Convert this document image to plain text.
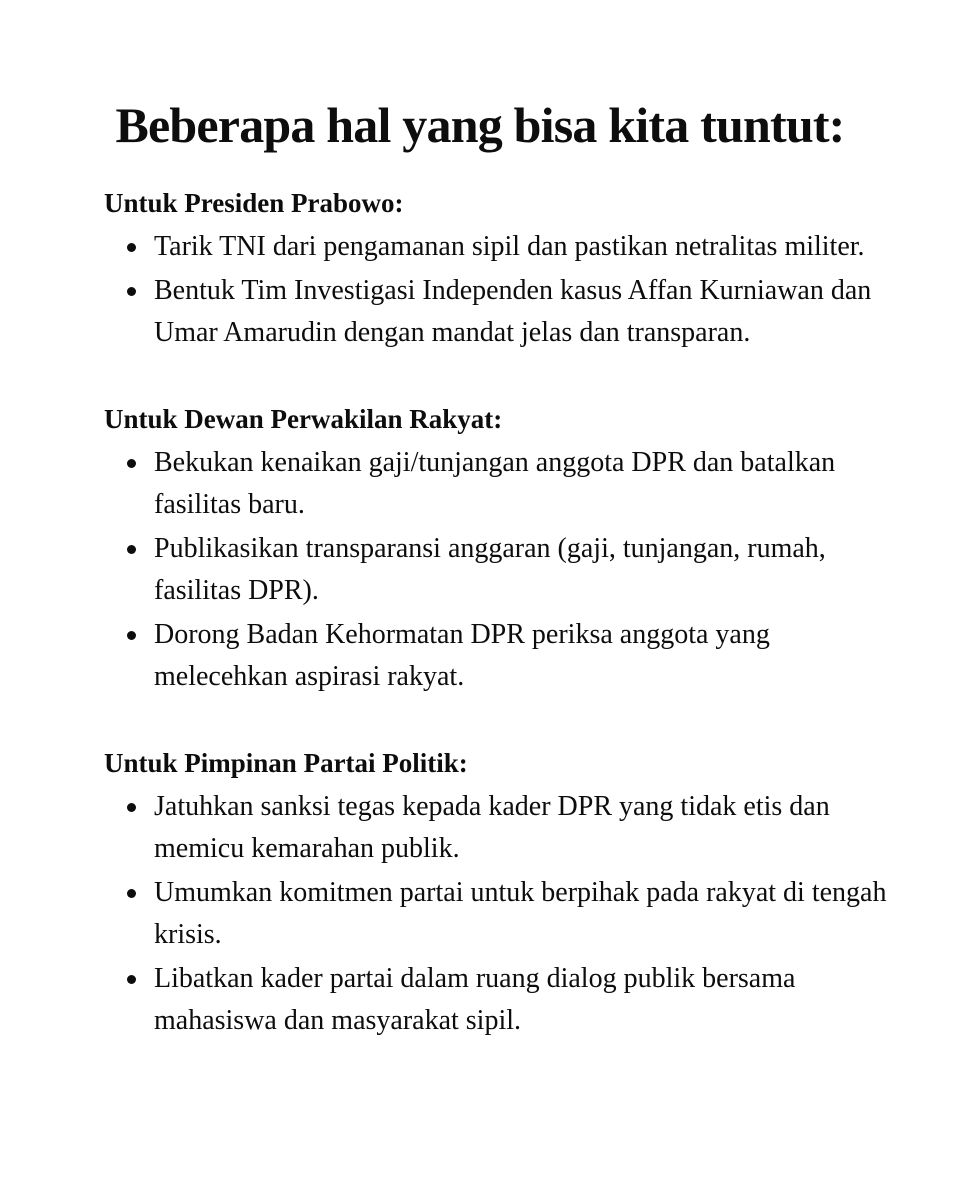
Beberapa hal yang bisa kita tuntut:
Untuk Presiden Prabowo:
Tarik TNI dari pengamanan sipil dan pastikan netralitas militer.
Bentuk Tim Investigasi Independen kasus Affan Kurniawan dan Umar Amarudin dengan mandat jelas dan transparan.
Untuk Dewan Perwakilan Rakyat:
Bekukan kenaikan gaji/tunjangan anggota DPR dan batalkan fasilitas baru.
Publikasikan transparansi anggaran (gaji, tunjangan, rumah, fasilitas DPR).
Dorong Badan Kehormatan DPR periksa anggota yang melecehkan aspirasi rakyat.
Untuk Pimpinan Partai Politik:
Jatuhkan sanksi tegas kepada kader DPR yang tidak etis dan memicu kemarahan publik.
Umumkan komitmen partai untuk berpihak pada rakyat di tengah krisis.
Libatkan kader partai dalam ruang dialog publik bersama mahasiswa dan masyarakat sipil.
